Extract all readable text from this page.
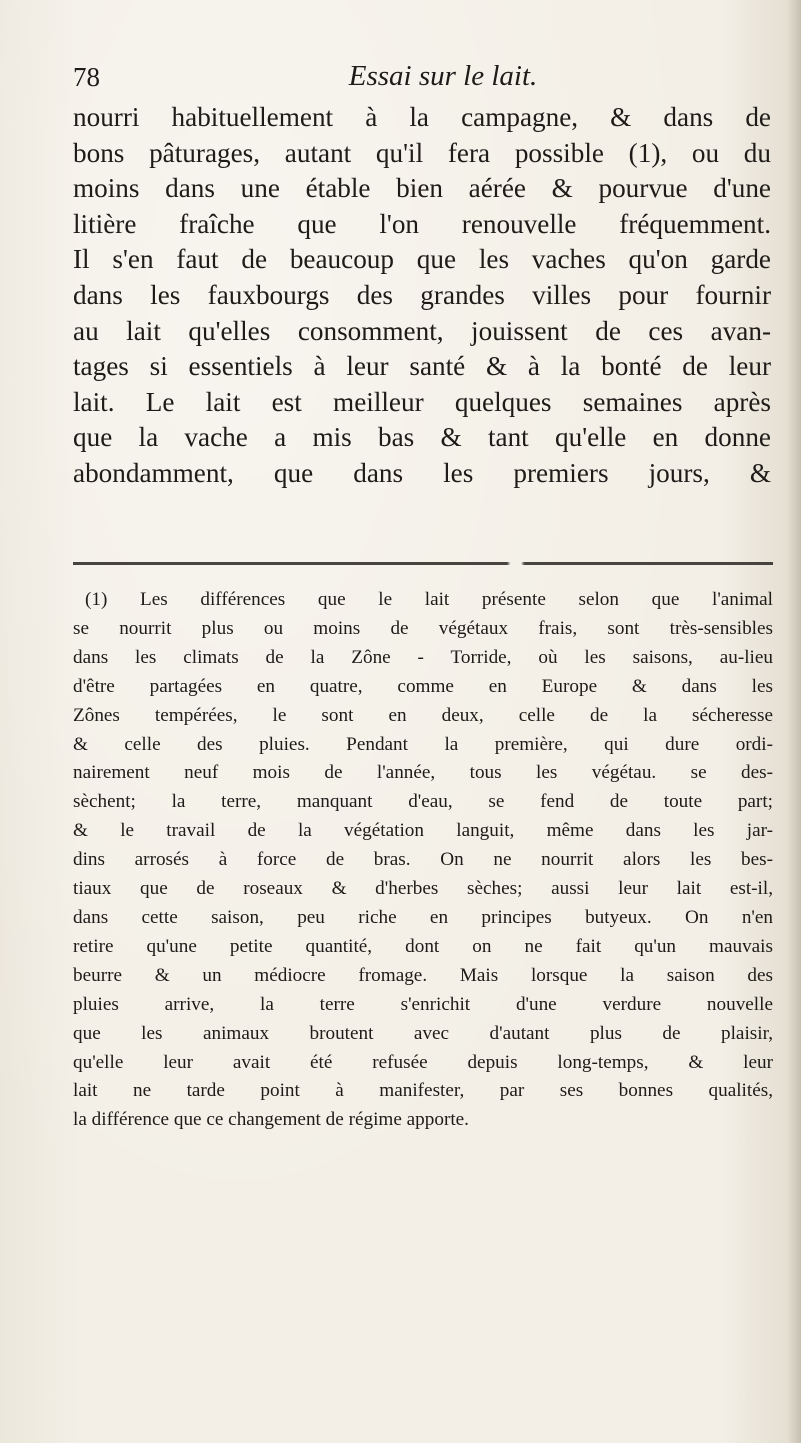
78	Essai sur le lait.
nourri habituellement à la campagne, & dans de
bons pâturages, autant qu'il fera possible (1), ou du
moins dans une étable bien aérée & pourvue d'une
litière fraîche que l'on renouvelle fréquemment.
Il s'en faut de beaucoup que les vaches qu'on garde
dans les fauxbourgs des grandes villes pour fournir
au lait qu'elles consomment, jouissent de ces avan-
tages si essentiels à leur santé & à la bonté de leur
lait. Le lait est meilleur quelques semaines après
que la vache a mis bas & tant qu'elle en donne
abondamment, que dans les premiers jours, &
(1) Les différences que le lait présente selon que l'animal
se nourrit plus ou moins de végétaux frais, sont très-sensibles
dans les climats de la Zône - Torride, où les saisons, au-lieu
d'être partagées en quatre, comme en Europe & dans les
Zônes tempérées, le sont en deux, celle de la sécheresse
& celle des pluies. Pendant la première, qui dure ordi-
nairement neuf mois de l'année, tous les végétau. se des-
sèchent; la terre, manquant d'eau, se fend de toute part;
& le travail de la végétation languit, même dans les jar-
dins arrosés à force de bras. On ne nourrit alors les bes-
tiaux que de roseaux & d'herbes sèches; aussi leur lait est-il,
dans cette saison, peu riche en principes butyeux. On n'en
retire qu'une petite quantité, dont on ne fait qu'un mauvais
beurre & un médiocre fromage. Mais lorsque la saison des
pluies arrive, la terre s'enrichit d'une verdure nouvelle
que les animaux broutent avec d'autant plus de plaisir,
qu'elle leur avait été refusée depuis long-temps, & leur
lait ne tarde point à manifester, par ses bonnes qualités,
la différence que ce changement de régime apporte.
